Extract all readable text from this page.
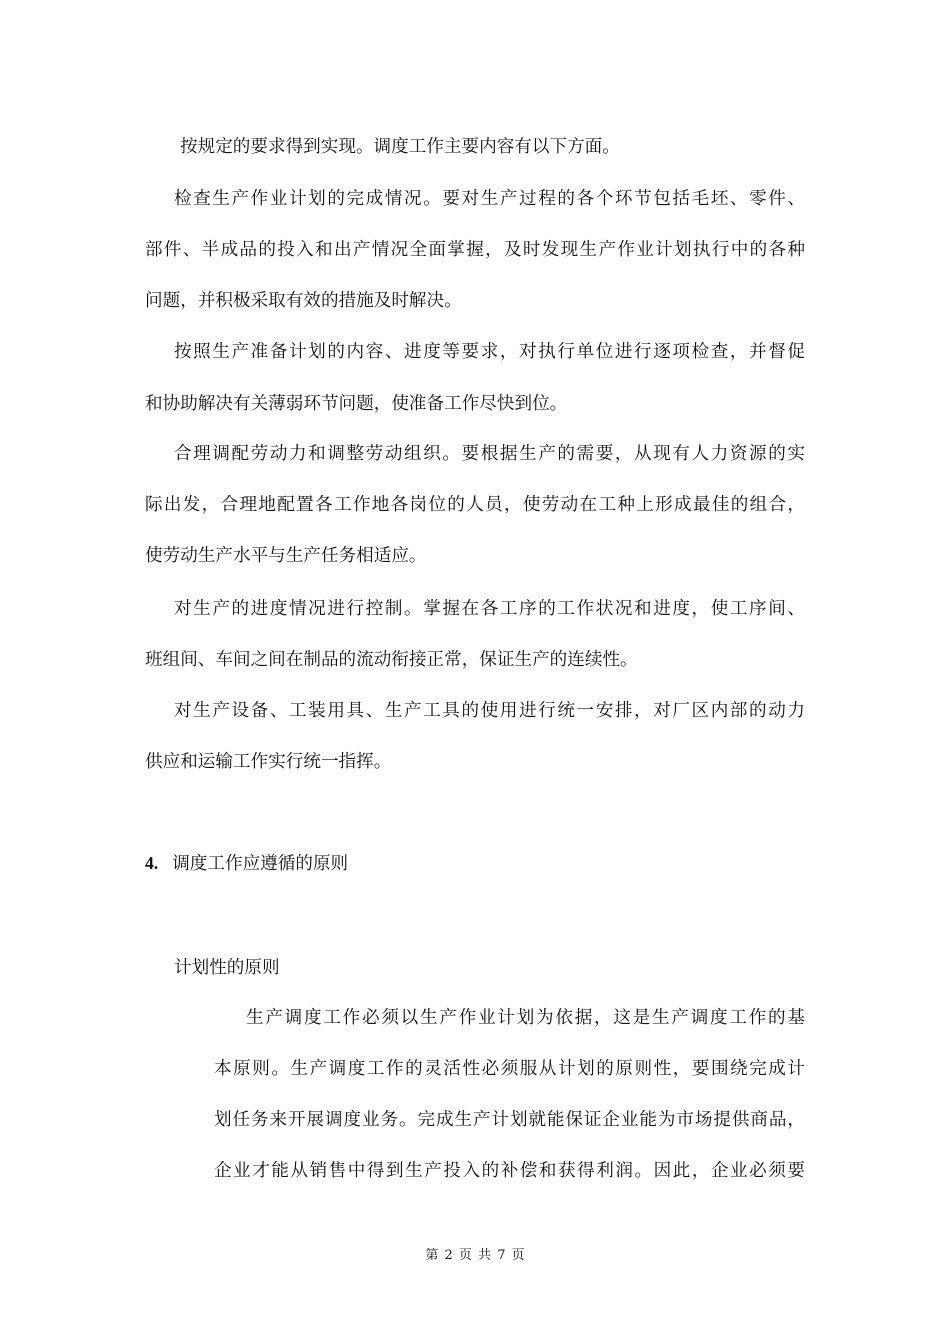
按规定的要求得到实现。调度工作主要内容有以下方面。
检查生产作业计划的完成情况。要对生产过程的各个环节包括毛坯、零件、
部件、半成品的投入和出产情况全面掌握，及时发现生产作业计划执行中的各种
问题，并积极采取有效的措施及时解决。
按照生产准备计划的内容、进度等要求，对执行单位进行逐项检查，并督促
和协助解决有关薄弱环节问题，使准备工作尽快到位。
合理调配劳动力和调整劳动组织。要根据生产的需要，从现有人力资源的实
际出发，合理地配置各工作地各岗位的人员，使劳动在工种上形成最佳的组合，
使劳动生产水平与生产任务相适应。
对生产的进度情况进行控制。掌握在各工序的工作状况和进度，使工序间、
班组间、车间之间在制品的流动衔接正常，保证生产的连续性。
对生产设备、工装用具、生产工具的使用进行统一安排，对厂区内部的动力
供应和运输工作实行统一指挥。
4. 调度工作应遵循的原则
计划性的原则
生产调度工作必须以生产作业计划为依据，这是生产调度工作的基
本原则。生产调度工作的灵活性必须服从计划的原则性，要围绕完成计
划任务来开展调度业务。完成生产计划就能保证企业能为市场提供商品，
企业才能从销售中得到生产投入的补偿和获得利润。因此，企业必须要
第 2 页 共 7 页
